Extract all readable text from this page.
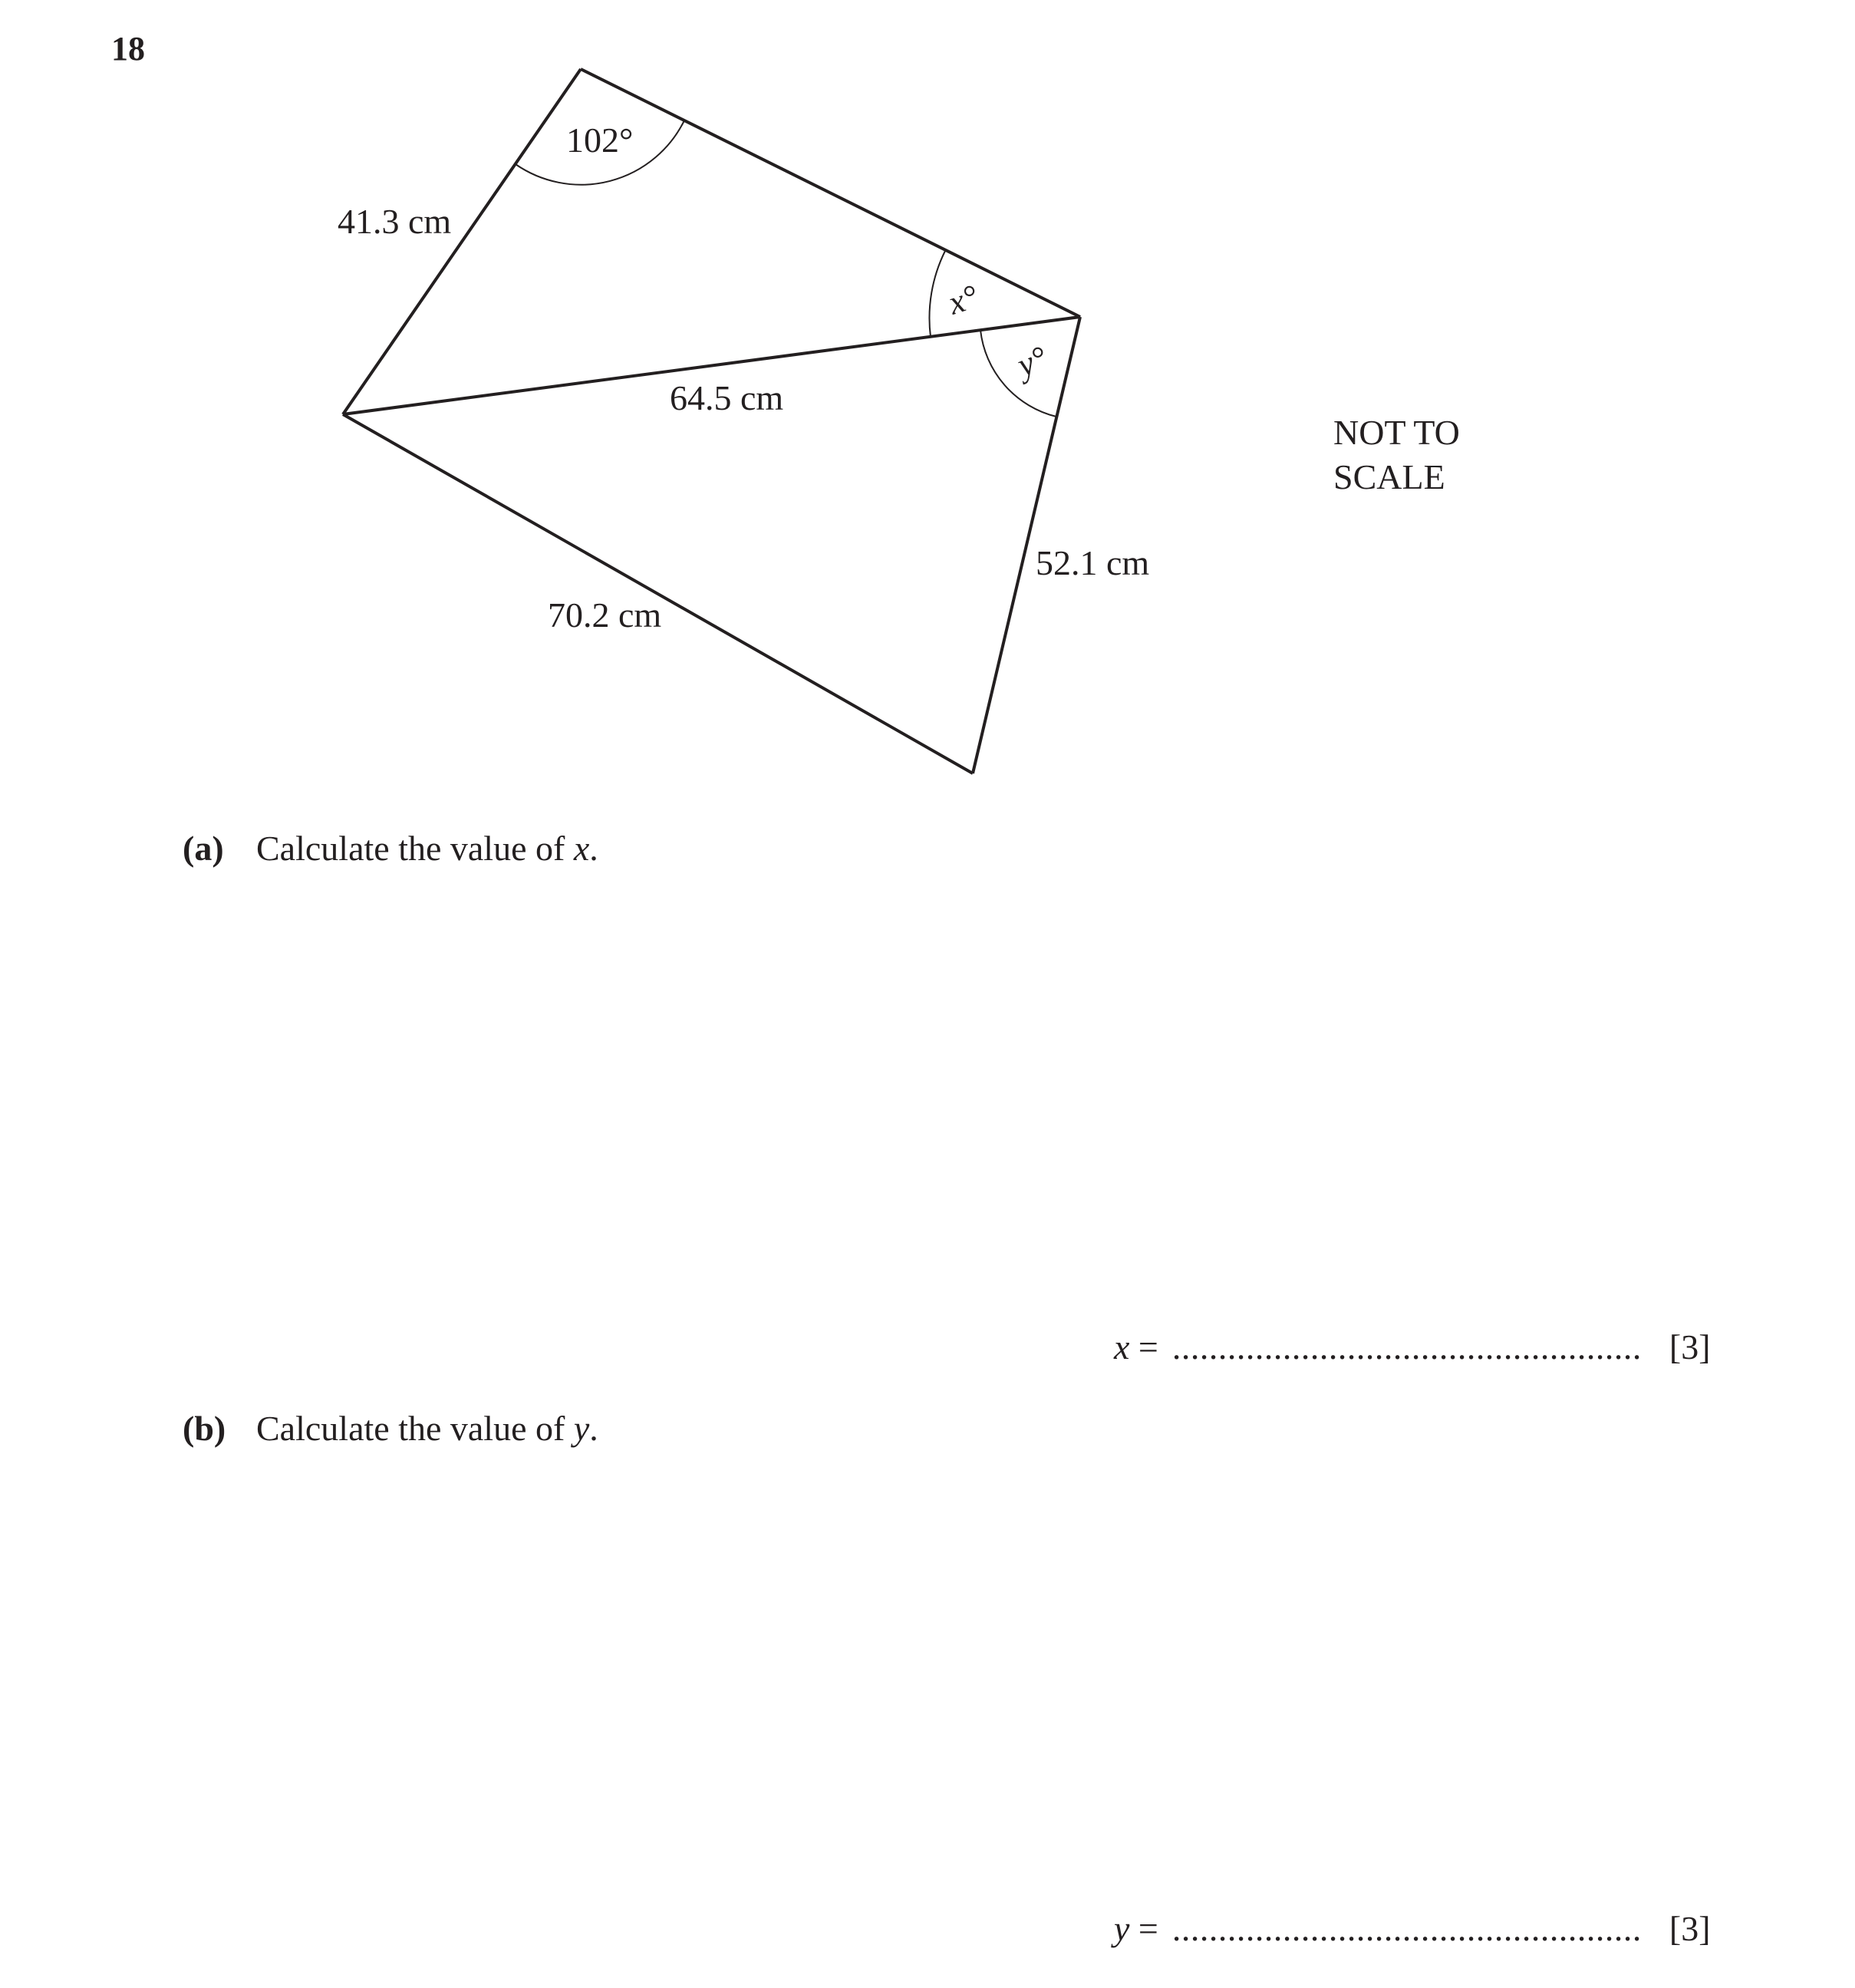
18
102°
x°
y°
41.3 cm
64.5 cm
70.2 cm
52.1 cm
NOT TO
SCALE
(a) Calculate the value of x.
x = ................................................... [3]
(b) Calculate the value of y.
y = ................................................... [3]
